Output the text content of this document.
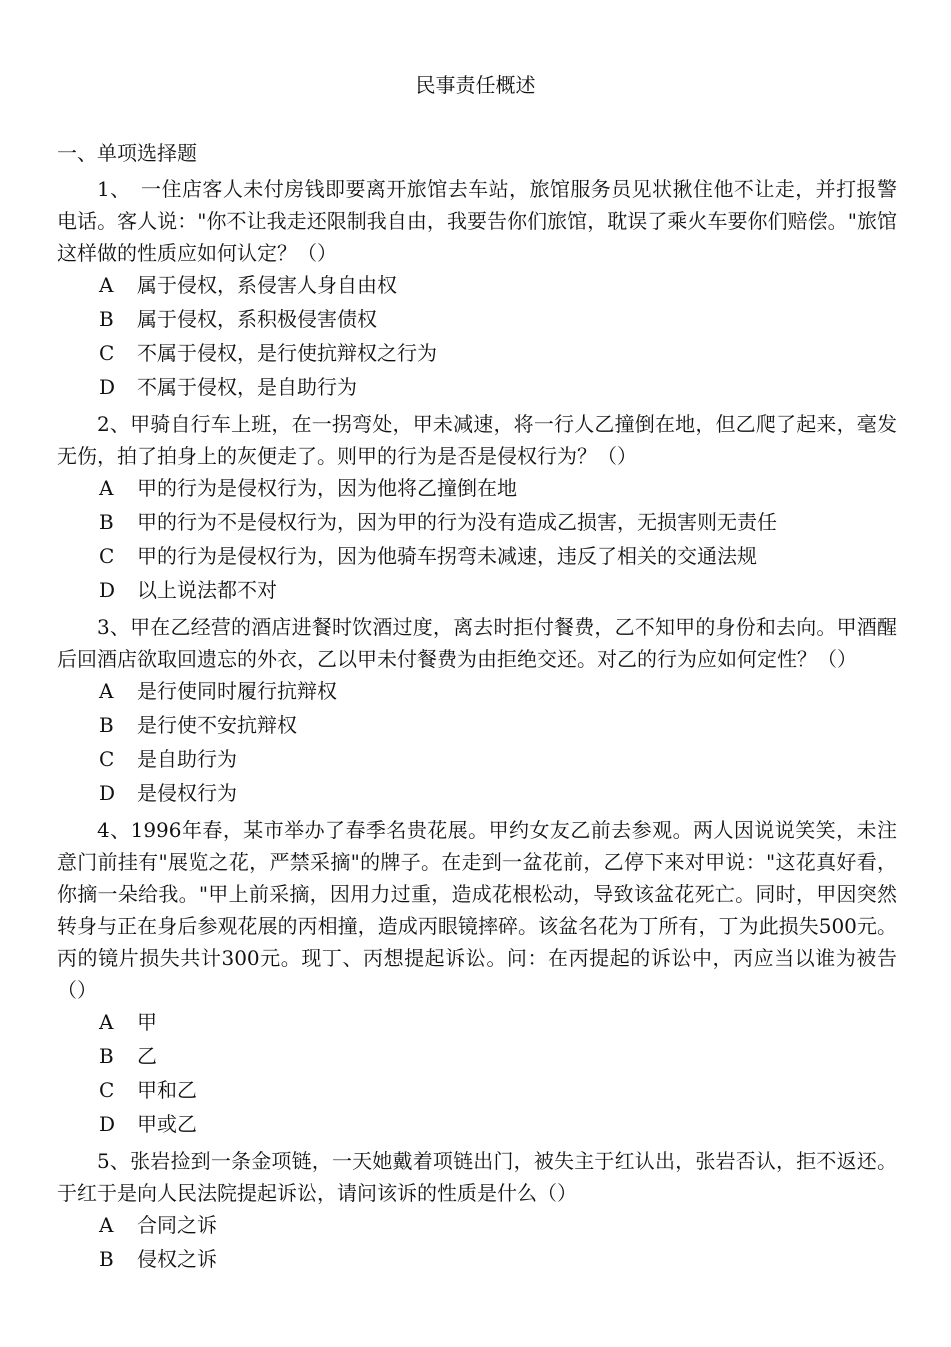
民事责任概述
一、单项选择题
1、　一住店客人未付房钱即要离开旅馆去车站，旅馆服务员见状揪住他不让走，并打报警电话。客人说："你不让我走还限制我自由，我要告你们旅馆，耽误了乘火车要你们赔偿。"旅馆这样做的性质应如何认定？（）
A 属于侵权，系侵害人身自由权
B 属于侵权，系积极侵害债权
C 不属于侵权，是行使抗辩权之行为
D 不属于侵权，是自助行为
2、甲骑自行车上班，在一拐弯处，甲未减速，将一行人乙撞倒在地，但乙爬了起来，毫发无伤，拍了拍身上的灰便走了。则甲的行为是否是侵权行为？（）
A 甲的行为是侵权行为，因为他将乙撞倒在地
B 甲的行为不是侵权行为，因为甲的行为没有造成乙损害，无损害则无责任
C 甲的行为是侵权行为，因为他骑车拐弯未减速，违反了相关的交通法规
D 以上说法都不对
3、甲在乙经营的酒店进餐时饮酒过度，离去时拒付餐费，乙不知甲的身份和去向。甲酒醒后回酒店欲取回遗忘的外衣，乙以甲未付餐费为由拒绝交还。对乙的行为应如何定性？（）
A 是行使同时履行抗辩权
B 是行使不安抗辩权
C 是自助行为
D 是侵权行为
4、1996年春，某市举办了春季名贵花展。甲约女友乙前去参观。两人因说说笑笑，未注意门前挂有"展览之花，严禁采摘"的牌子。在走到一盆花前，乙停下来对甲说："这花真好看，你摘一朵给我。"甲上前采摘，因用力过重，造成花根松动，导致该盆花死亡。同时，甲因突然转身与正在身后参观花展的丙相撞，造成丙眼镜摔碎。该盆名花为丁所有，丁为此损失500元。丙的镜片损失共计300元。现丁、丙想提起诉讼。问：在丙提起的诉讼中，丙应当以谁为被告（）
A 甲
B 乙
C 甲和乙
D 甲或乙
5、张岩捡到一条金项链，一天她戴着项链出门，被失主于红认出，张岩否认，拒不返还。于红于是向人民法院提起诉讼，请问该诉的性质是什么（）
A 合同之诉
B 侵权之诉
